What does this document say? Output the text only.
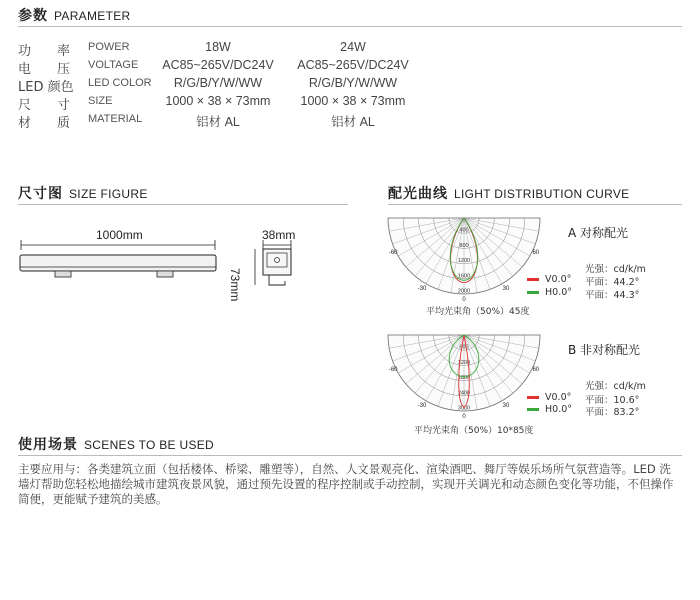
参数 PARAMETER
功　　率 POWER	18W	24W
电　　压 VOLTAGE	AC85~265V/DC24V	AC85~265V/DC24V
LED 颜色 LED COLOR	R/G/B/Y/W/WW	R/G/B/Y/W/WW
尺　　寸 SIZE	1000 × 38 × 73mm	1000 × 38 × 73mm
材　　质 MATERIAL	铝材 AL	铝材 AL
尺寸图 SIZE FIGURE
1000mm	38mm
73mm
配光曲线 LIGHT DISTRIBUTION CURVE
400
800
1200
1600
2000
-60	60
-30	30
0
平均光束角（50%）45度
A 对称配光
光强：cd/k/m
V0.0° 平面：44.2°
H0.0° 平面：44.3°
600
1200
1800
2400
3000
-60	60
-30	30
0
平均光束角（50%）10*85度
B 非对称配光
光强：cd/k/m
V0.0° 平面：10.6°
H0.0° 平面：83.2°
使用场景 SCENES TO BE USED
主要应用与：各类建筑立面（包括楼体、桥梁、雕塑等），自然、人文景观亮化、渲染酒吧、舞厅等娱乐场所气氛营造等。LED 洗墙灯帮助您轻松地描绘城市建筑夜景风貌，通过预先设置的程序控制或手动控制，实现开关调光和动态颜色变化等功能，不但操作简便，更能赋予建筑的美感。
